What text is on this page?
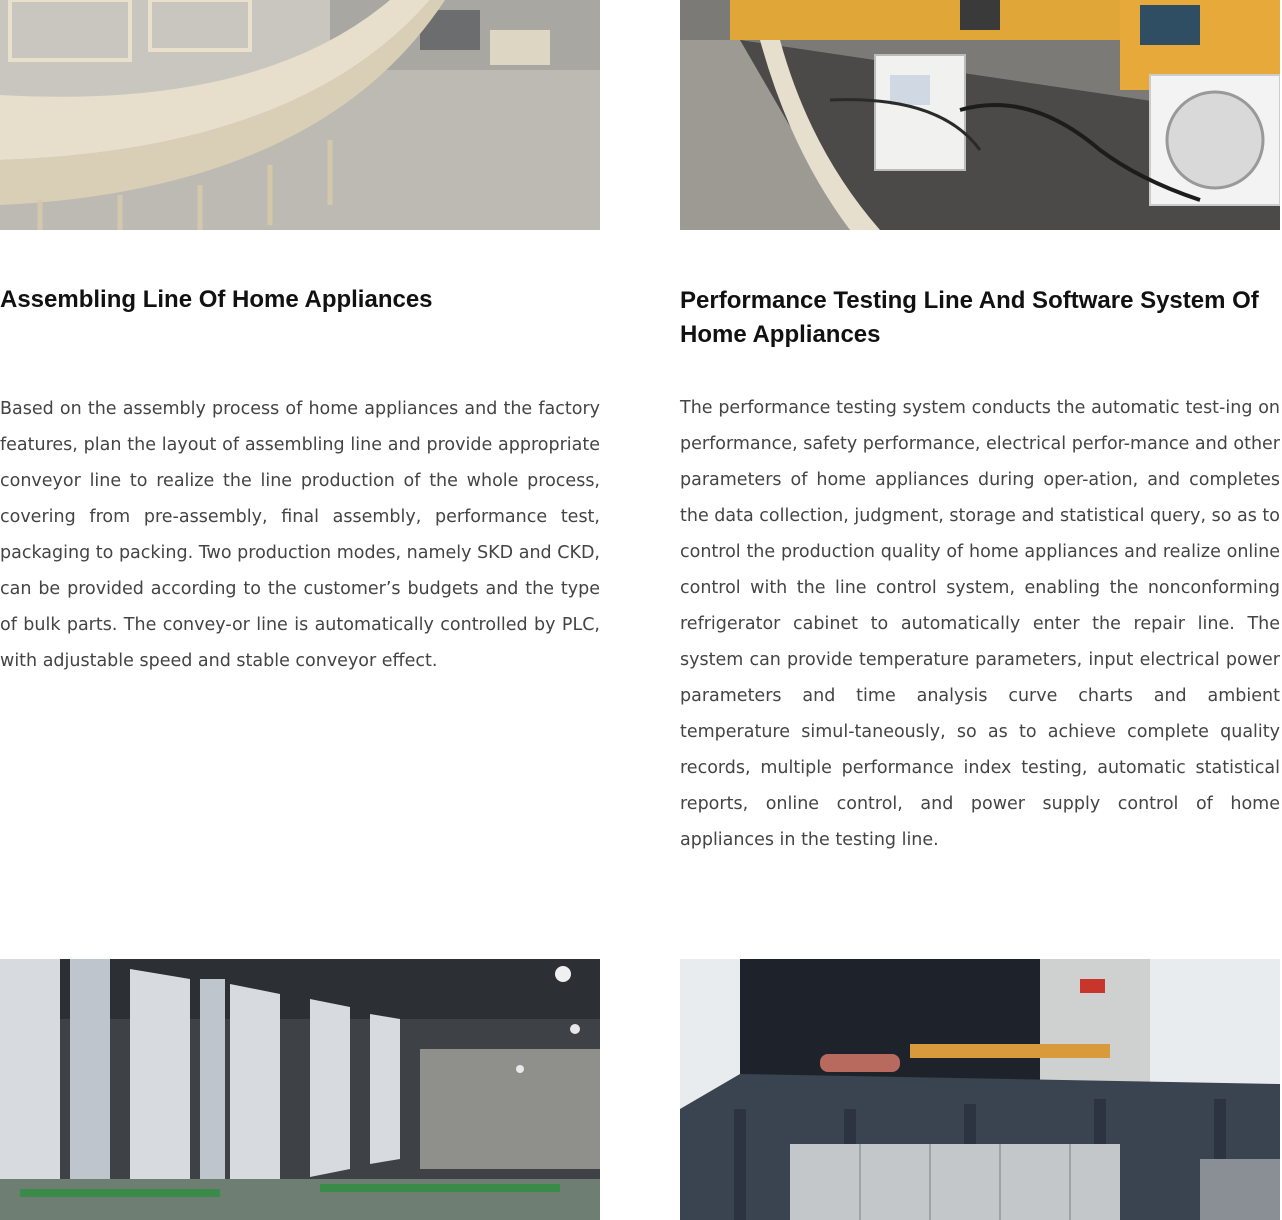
Assembling Line Of Home Appliances

Based on the assembly process of home appliances and the factory features, plan the layout of assembling line and provide appropriate conveyor line to realize the line production of the whole process, covering from pre-assembly, final assembly, performance test, packaging to packing. Two production modes, namely SKD and CKD, can be provided according to the customer’s budgets and the type of bulk parts. The convey-or line is automatically controlled by PLC, with adjustable speed and stable conveyor effect.

Performance Testing Line And Software System Of Home Appliances

The performance testing system conducts the automatic test-ing on performance, safety performance, electrical perfor-mance and other parameters of home appliances during oper-ation, and completes the data collection, judgment, storage and statistical query, so as to control the production quality of home appliances and realize online control with the line control system, enabling the nonconforming refrigerator cabinet to automatically enter the repair line. The system can provide temperature parameters, input electrical power parameters and time analysis curve charts and ambient temperature simul-taneously, so as to achieve complete quality records, multiple performance index testing, automatic statistical reports, online control, and power supply control of home appliances in the testing line.
